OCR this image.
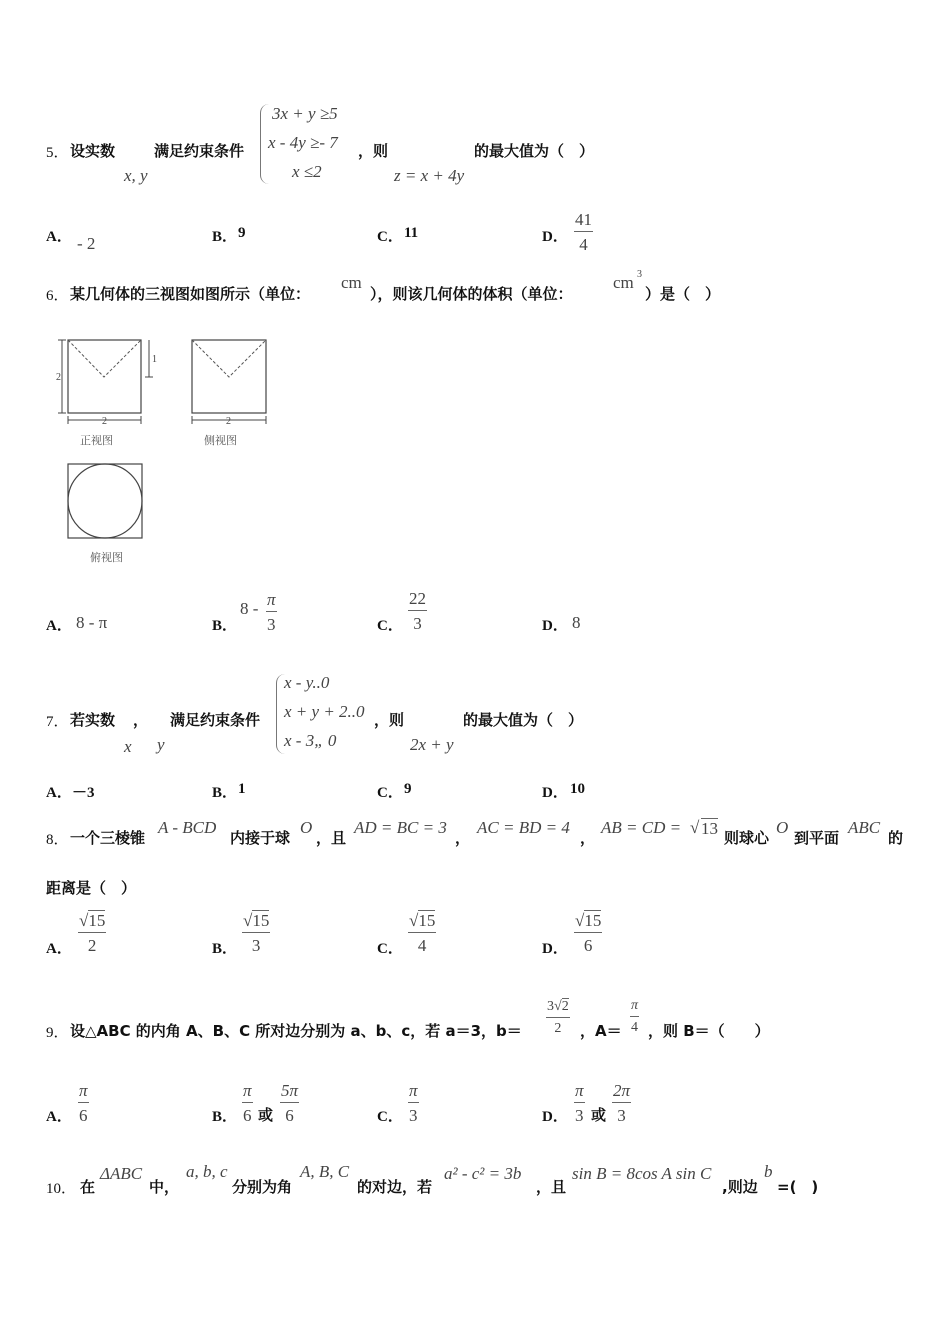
5． 设实数
x, y
满足约束条件
3x + y ≥5
x - 4y ≥- 7
x ≤2
，则
z = x + 4y
的最大值为（　）
A． - 2	B． 9	C． 11	D． $\frac{41}{4}$
6． 某几何体的三视图如图所示（单位：
cm
），则该几何体的体积（单位：
cm 3
）是（　）
2
1
2
正视图
2
侧视图
俯视图
A． 8 - π	B．
$8 - \frac{\pi}{3}$	C． $\frac{22}{3}$	D． 8
7． 若实数 ，
x y
满足约束条件
x - y..0
x + y + 2..0
x - 3„ 0
，则
2x + y
的最大值为（　）
A． －3	B． 1	C． 9	D． 10
8． 一个三棱锥
A - BCD
内接于球
O
，且
AD = BC = 3
，
AC = BD = 4
，
AB = CD = √ 13 则球心
O
到平面
ABC
的
距离是（　）
A． $\frac{√15}{2}$	B． $\frac{√15}{3}$	C． $\frac{√15}{4}$	D． $\frac{√15}{6}$
9． 设△ABC 的内角 A、B、C 所对边分别为 a、b、c，若 a＝3，$b= \frac{3√2}{2}$ ，$A= \frac{\pi}{4}$ ，则 B＝（　　）
A． $\frac{\pi}{6}$	B． $\frac{\pi}{6}$ 或 $\frac{5\pi}{6}$	C． $\frac{\pi}{3}$	D． $\frac{\pi}{3}$ 或 $\frac{2\pi}{3}$
10． 在
ΔABC
中，
a, b, c
分别为角
A, B, C
的对边，若
a² - c² = 3b
，且
sin B = 8cos A sin C
,则边
b
=(　)
